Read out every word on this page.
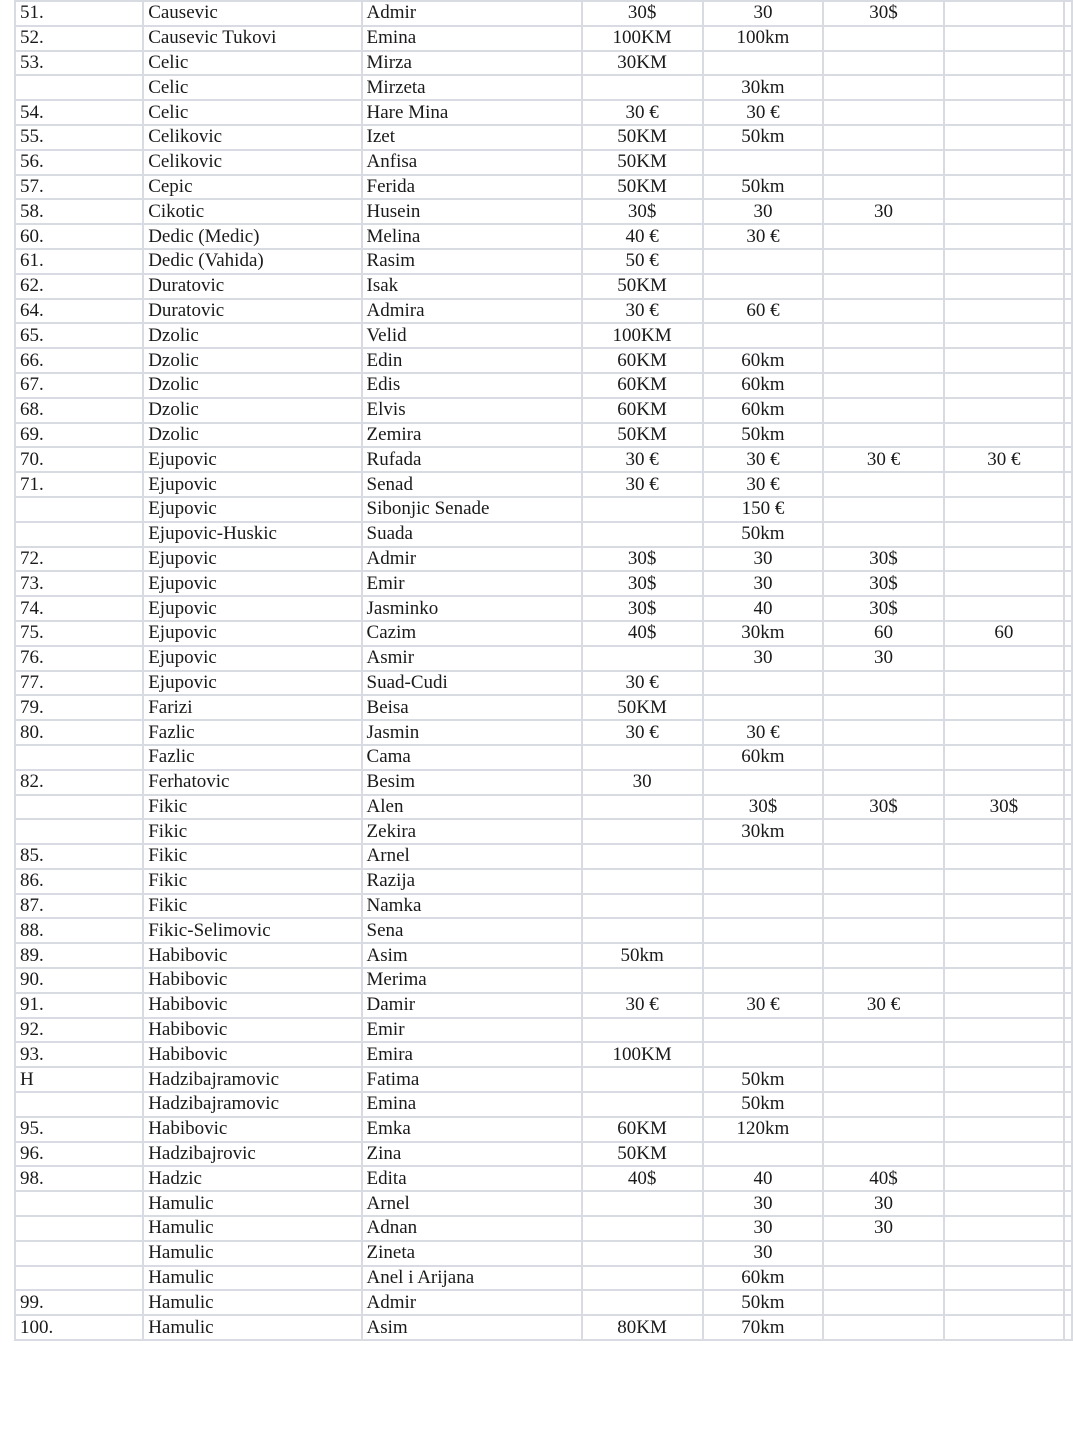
51.	Causevic	Admir	30$	30	30$		
52.	Causevic Tukovi	Emina	100KM	100km			
53.	Celic	Mirza	30KM				
	Celic	Mirzeta		30km			
54.	Celic	Hare Mina	30 €	30 €			
55.	Celikovic	Izet	50KM	50km			
56.	Celikovic	Anfisa	50KM				
57.	Cepic	Ferida	50KM	50km			
58.	Cikotic	Husein	30$	30	30		
60.	Dedic (Medic)	Melina	40 €	30 €			
61.	Dedic (Vahida)	Rasim	50 €				
62.	Duratovic	Isak	50KM				
64.	Duratovic	Admira	30 €	60 €			
65.	Dzolic	Velid	100KM				
66.	Dzolic	Edin	60KM	60km			
67.	Dzolic	Edis	60KM	60km			
68.	Dzolic	Elvis	60KM	60km			
69.	Dzolic	Zemira	50KM	50km			
70.	Ejupovic	Rufada	30 €	30 €	30 €	30 €	
71.	Ejupovic	Senad	30 €	30 €			
	Ejupovic	Sibonjic Senade		150 €			
	Ejupovic-Huskic	Suada		50km			
72.	Ejupovic	Admir	30$	30	30$		
73.	Ejupovic	Emir	30$	30	30$		
74.	Ejupovic	Jasminko	30$	40	30$		
75.	Ejupovic	Cazim	40$	30km	60	60	
76.	Ejupovic	Asmir		30	30		
77.	Ejupovic	Suad-Cudi	30 €				
79.	Farizi	Beisa	50KM				
80.	Fazlic	Jasmin	30 €	30 €			
	Fazlic	Cama		60km			
82.	Ferhatovic	Besim	30				
	Fikic	Alen		30$	30$	30$	
	Fikic	Zekira		30km			
85.	Fikic	Arnel					
86.	Fikic	Razija					
87.	Fikic	Namka					
88.	Fikic-Selimovic	Sena					
89.	Habibovic	Asim	50km				
90.	Habibovic	Merima					
91.	Habibovic	Damir	30 €	30 €	30 €		
92.	Habibovic	Emir					
93.	Habibovic	Emira	100KM				
H	Hadzibajramovic	Fatima		50km			
	Hadzibajramovic	Emina		50km			
95.	Habibovic	Emka	60KM	120km			
96.	Hadzibajrovic	Zina	50KM				
98.	Hadzic	Edita	40$	40	40$		
	Hamulic	Arnel		30	30		
	Hamulic	Adnan		30	30		
	Hamulic	Zineta		30			
	Hamulic	Anel i Arijana		60km			
99.	Hamulic	Admir		50km			
100.	Hamulic	Asim	80KM	70km			
